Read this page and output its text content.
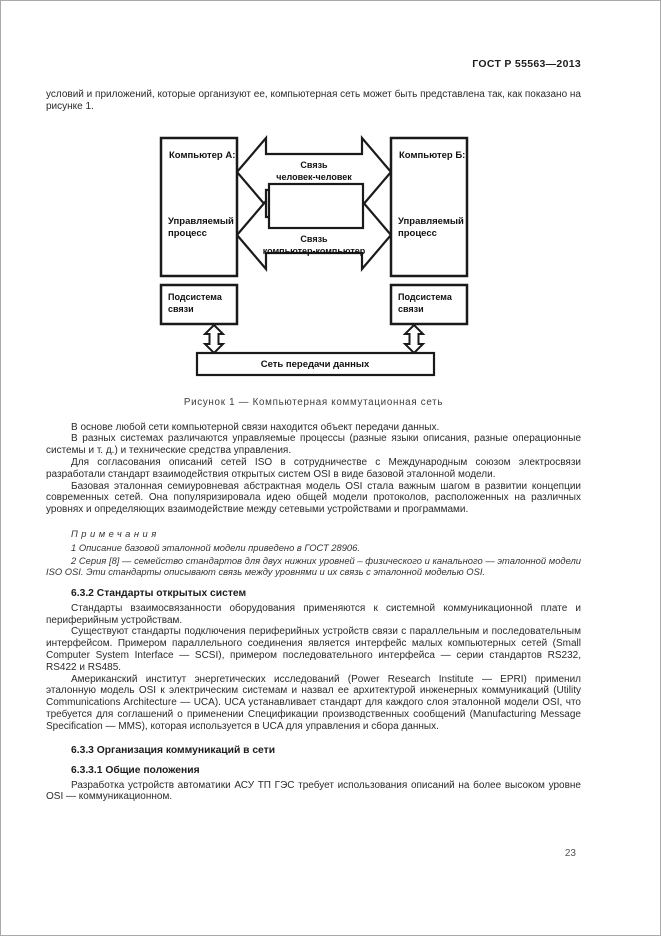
ГОСТ Р 55563—2013

условий и приложений, которые организуют ее, компьютерная сеть может быть представлена так, как показано на рисунке 1.

Компьютер А:	Компьютер Б:
Управляемый
процесс
Управляемый
процесс
Связь
человек-человек
Связь
компьютер-компьютер
Подсистема
связи
Подсистема
связи
Сеть передачи данных
Рисунок 1 — Компьютерная коммутационная сеть

В основе любой сети компьютерной связи находится объект передачи данных.

В разных системах различаются управляемые процессы (разные языки описания, разные операционные системы и т. д.) и технические средства управления.

Для согласования описаний сетей ISO в сотрудничестве с Международным союзом электросвязи разработали стандарт взаимодействия открытых систем OSI в виде базовой эталонной модели.

Базовая эталонная семиуровневая абстрактная модель OSI стала важным шагом в развитии концепции современных сетей. Она популяризировала идею общей модели протоколов, расположенных на различных уровнях и определяющих взаимодействие между сетевыми устройствами и программами.

Примечания

1 Описание базовой эталонной модели приведено в ГОСТ 28906.

2 Серия [8] — семейство стандартов для двух нижних уровней – физического и канального — эталонной модели ISO OSI. Эти стандарты описывают связь между уровнями и их связь с эталонной моделью OSI.

6.3.2 Стандарты открытых систем

Стандарты взаимосвязанности оборудования применяются к системной коммуникационной плате и периферийным устройствам.

Существуют стандарты подключения периферийных устройств связи с параллельным и последовательным интерфейсом. Примером параллельного соединения является интерфейс малых компьютерных сетей (Small Computer System Interface — SCSI), примером последовательного интерфейса — серии стандартов RS232, RS422 и RS485.

Американский институт энергетических исследований (Power Research Institute — EPRI) применил эталонную модель OSI к электрическим системам и назвал ее архитектурой инженерных коммуникаций (Utility Communications Architecture — UCA). UCA устанавливает стандарт для каждого слоя эталонной модели OSI, что требуется для соглашений о применении Спецификации производственных сообщений (Manufacturing Message Specification — MMS), которая используется в UCA для управления и сбора данных.

6.3.3 Организация коммуникаций в сети
6.3.3.1 Общие положения

Разработка устройств автоматики АСУ ТП ГЭС требует использования описаний на более высоком уровне OSI — коммуникационном.

23
